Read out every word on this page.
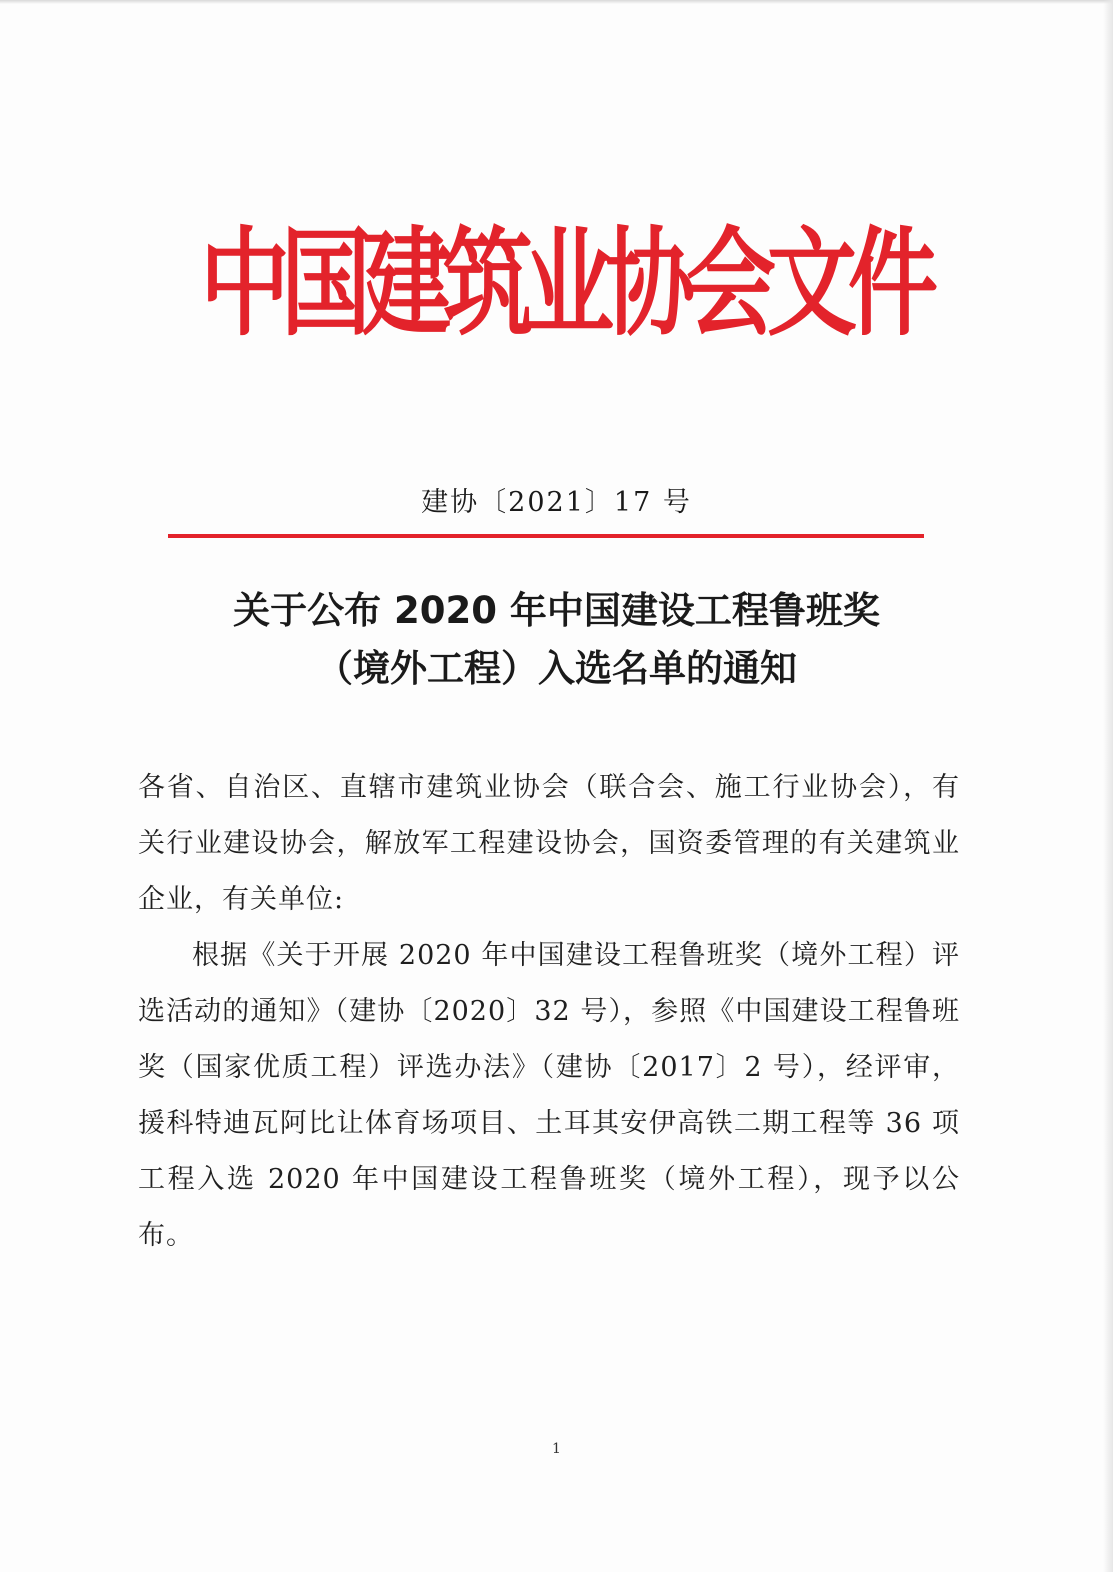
中国建筑业协会文件

建协〔2021〕17 号

关于公布 2020 年中国建设工程鲁班奖
（境外工程）入选名单的通知

各省、自治区、直辖市建筑业协会（联合会、施工行业协会），有关行业建设协会，解放军工程建设协会，国资委管理的有关建筑业企业，有关单位:

根据《关于开展 2020 年中国建设工程鲁班奖（境外工程）评选活动的通知》（建协〔2020〕32 号），参照《中国建设工程鲁班奖（国家优质工程）评选办法》（建协〔2017〕2 号），经评审，援科特迪瓦阿比让体育场项目、土耳其安伊高铁二期工程等 36 项工程入选 2020 年中国建设工程鲁班奖（境外工程），现予以公布。

1
